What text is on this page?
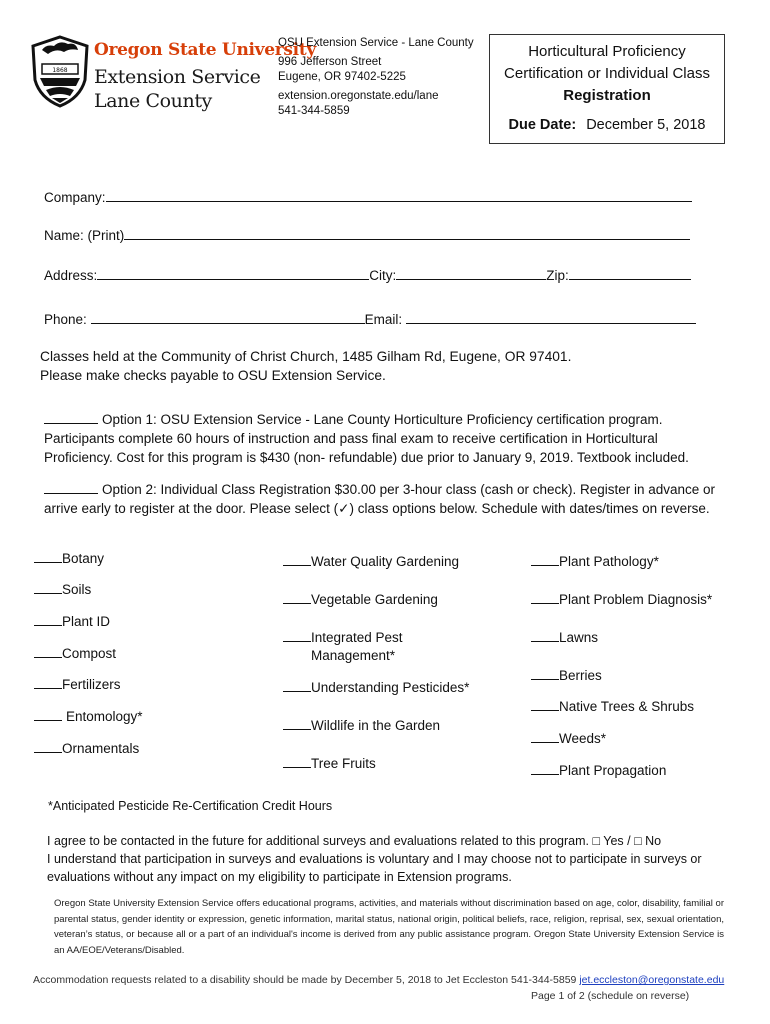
1868
Oregon State University
Extension Service
Lane County
OSU Extension Service - Lane County
996 Jefferson Street
Eugene, OR 97402-5225
extension.oregonstate.edu/lane
541-344-5859
Horticultural Proficiency
Certification or Individual Class
Registration
Due Date: December 5, 2018
Company:
Name: (Print)
Address:	City:	Zip:
Phone:	Email:
Classes held at the Community of Christ Church, 1485 Gilham Rd, Eugene, OR 97401.
Please make checks payable to OSU Extension Service.
Option 1: OSU Extension Service - Lane County Horticulture Proficiency certification program.
Participants complete 60 hours of instruction and pass final exam to receive certification in Horticultural
Proficiency. Cost for this program is $430 (non- refundable) due prior to January 9, 2019. Textbook included.
Option 2: Individual Class Registration $30.00 per 3-hour class (cash or check). Register in advance or
arrive early to register at the door. Please select (✓) class options below. Schedule with dates/times on reverse.
Botany
Soils
Plant ID
Compost
Fertilizers
Entomology*
Ornamentals
Water Quality Gardening
Vegetable Gardening
Integrated Pest
Management*
Understanding Pesticides*
Wildlife in the Garden
Tree Fruits
Plant Pathology*
Plant Problem Diagnosis*
Lawns
Berries
Native Trees & Shrubs
Weeds*
Plant Propagation
*Anticipated Pesticide Re-Certification Credit Hours
I agree to be contacted in the future for additional surveys and evaluations related to this program. □ Yes / □ No
I understand that participation in surveys and evaluations is voluntary and I may choose not to participate in surveys or
evaluations without any impact on my eligibility to participate in Extension programs.
Oregon State University Extension Service offers educational programs, activities, and materials without discrimination based on age, color, disability, familial or parental status, gender identity or expression, genetic information, marital status, national origin, political beliefs, race, religion, reprisal, sex, sexual orientation, veteran’s status, or because all or a part of an individual's income is derived from any public assistance program. Oregon State University Extension Service is an AA/EOE/Veterans/Disabled.
Accommodation requests related to a disability should be made by December 5, 2018 to Jet Eccleston 541-344-5859 jet.eccleston@oregonstate.edu
Page 1 of 2 (schedule on reverse)
